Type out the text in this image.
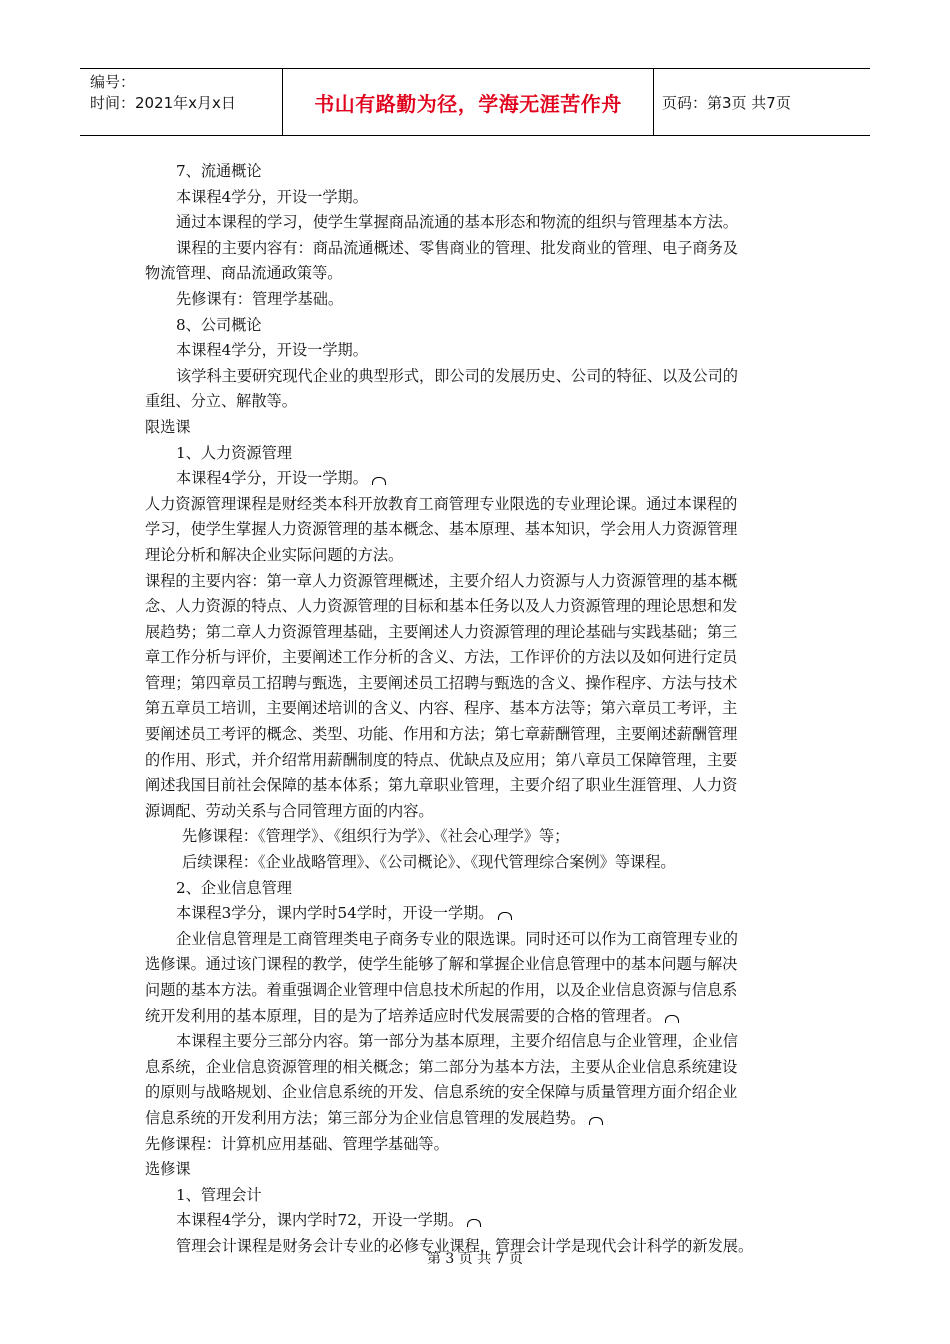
编号：
时间：2021年x月x日	书山有路勤为径，学海无涯苦作舟	页码：第3页 共7页

7、流通概论

本课程4学分，开设一学期。

通过本课程的学习，使学生掌握商品流通的基本形态和物流的组织与管理基本方法。

课程的主要内容有：商品流通概述、零售商业的管理、批发商业的管理、电子商务及

物流管理、商品流通政策等。

先修课有：管理学基础。

8、公司概论

本课程4学分，开设一学期。

该学科主要研究现代企业的典型形式，即公司的发展历史、公司的特征、以及公司的

重组、分立、解散等。

限选课

1、人力资源管理

本课程4学分，开设一学期。

人力资源管理课程是财经类本科开放教育工商管理专业限选的专业理论课。通过本课程的

学习，使学生掌握人力资源管理的基本概念、基本原理、基本知识，学会用人力资源管理

理论分析和解决企业实际问题的方法。

课程的主要内容：第一章人力资源管理概述，主要介绍人力资源与人力资源管理的基本概

念、人力资源的特点、人力资源管理的目标和基本任务以及人力资源管理的理论思想和发

展趋势；第二章人力资源管理基础，主要阐述人力资源管理的理论基础与实践基础；第三

章工作分析与评价，主要阐述工作分析的含义、方法，工作评价的方法以及如何进行定员

管理；第四章员工招聘与甄选，主要阐述员工招聘与甄选的含义、操作程序、方法与技术

第五章员工培训，主要阐述培训的含义、内容、程序、基本方法等；第六章员工考评，主

要阐述员工考评的概念、类型、功能、作用和方法；第七章薪酬管理，主要阐述薪酬管理

的作用、形式，并介绍常用薪酬制度的特点、优缺点及应用；第八章员工保障管理，主要

阐述我国目前社会保障的基本体系；第九章职业管理，主要介绍了职业生涯管理、人力资

源调配、劳动关系与合同管理方面的内容。

先修课程：《管理学》、《组织行为学》、《社会心理学》等；

后续课程：《企业战略管理》、《公司概论》、《现代管理综合案例》等课程。

2、企业信息管理

本课程3学分，课内学时54学时，开设一学期。

企业信息管理是工商管理类电子商务专业的限选课。同时还可以作为工商管理专业的

选修课。通过该门课程的教学，使学生能够了解和掌握企业信息管理中的基本问题与解决

问题的基本方法。着重强调企业管理中信息技术所起的作用，以及企业信息资源与信息系

统开发利用的基本原理，目的是为了培养适应时代发展需要的合格的管理者。

本课程主要分三部分内容。第一部分为基本原理，主要介绍信息与企业管理，企业信

息系统，企业信息资源管理的相关概念；第二部分为基本方法，主要从企业信息系统建设

的原则与战略规划、企业信息系统的开发、信息系统的安全保障与质量管理方面介绍企业

信息系统的开发利用方法；第三部分为企业信息管理的发展趋势。

先修课程：计算机应用基础、管理学基础等。

选修课

1、管理会计

本课程4学分，课内学时72，开设一学期。

管理会计课程是财务会计专业的必修专业课程，管理会计学是现代会计科学的新发展。

第 3 页 共 7 页
